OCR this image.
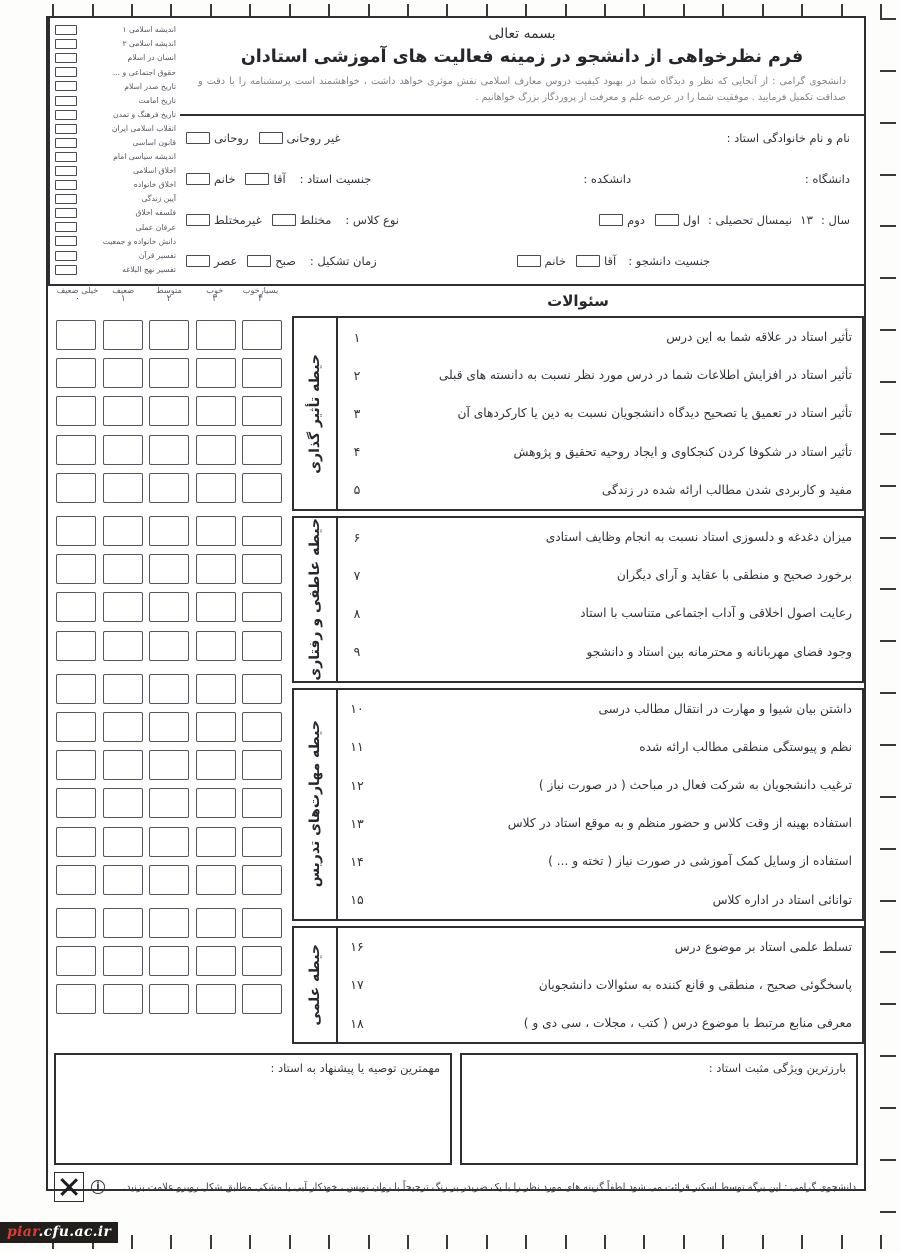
اندیشه اسلامی ۱
اندیشه اسلامی ۲
انسان در اسلام
حقوق اجتماعی و ...
تاریخ صدر اسلام
تاریخ امامت
تاریخ فرهنگ و تمدن
انقلاب اسلامی ایران
قانون اساسی
اندیشه سیاسی امام
اخلاق اسلامی
اخلاق خانواده
آیین زندگی
فلسفه اخلاق
عرفان عملی
دانش خانواده و جمعیت
تفسیر قرآن
تفسیر نهج البلاغه
بسمه تعالی
فرم نظرخواهی از دانشجو در زمینه فعالیت های آموزشی استادان
دانشجوی گرامی : از آنجایی که نظر و دیدگاه شما در بهبود کیفیت دروس معارف اسلامی نقش موثری خواهد داشت ، خواهشمند است پرسشنامه را با دقت و صداقت تکمیل فرمایید . موفقیت شما را در عرصه علم و معرفت از پروردگار بزرگ خواهانیم .
نام و نام خانوادگی استاد :
غیر روحانی
روحانی
دانشگاه :
دانشکده :
جنسیت استاد :
آقا
خانم
سال :
۱۳
نیمسال تحصیلی :
اول
دوم
نوع کلاس :
مختلط
غیرمختلط
جنسیت دانشجو :
آقا
خانم
زمان تشکیل :
صبح
عصر
بسیارخوب
۴
خوب
۳
متوسط
۲
ضعیف
۱
خیلی ضعیف
۰	سئوالات
تأثیر استاد در علاقه شما به این درس
۱
تأثیر استاد در افزایش اطلاعات شما در درس مورد نظر نسبت به دانسته های قبلی
۲
تأثیر استاد در تعمیق یا تصحیح دیدگاه دانشجویان نسبت به دین یا کارکردهای آن
۳
تأثیر استاد در شکوفا کردن کنجکاوی و ایجاد روحیه تحقیق و پژوهش
۴
مفید و کاربردی شدن مطالب ارائه شده در زندگی
۵
حیطه تأثیر گذاری
میزان دغدغه و دلسوزی استاد نسبت به انجام وظایف استادی
۶
برخورد صحیح و منطقی با عقاید و آرای دیگران
۷
رعایت اصول اخلاقی و آداب اجتماعی متناسب با استاد
۸
وجود فضای مهربانانه و محترمانه بین استاد و دانشجو
۹
حیطه عاطفی و رفتاری
داشتن بیان شیوا و مهارت در انتقال مطالب درسی
۱۰
نظم و پیوستگی منطقی مطالب ارائه شده
۱۱
ترغیب دانشجویان به شرکت فعال در مباحث ( در صورت نیاز )
۱۲
استفاده بهینه از وقت کلاس و حضور منظم و به موقع استاد در کلاس
۱۳
استفاده از وسایل کمک آموزشی در صورت نیاز ( تخته و ... )
۱۴
توانائی استاد در اداره کلاس
۱۵
حیطه مهارت‌های تدریس
تسلط علمی استاد بر موضوع درس
۱۶
پاسخگوئی صحیح ، منطقی و قانع کننده به سئوالات دانشجویان
۱۷
معرفی منابع مرتبط با موضوع درس ( کتب ، مجلات ، سی دی و )
۱۸
حیطه علمی
بارزترین ویژگی مثبت استاد :
مهمترین توصیه یا پیشنهاد به استاد :
i	دانشجوی گرامی : این برگه توسط اسکنر قرائت می شود لطفاً گزینه های مورد نظر را با یک ضربدر پر رنگ ترجیحاً با روان نویس ، خودکار آبی یا مشکی مطابق شکل روبرو علامت بزنید.
piar.cfu.ac.ir
